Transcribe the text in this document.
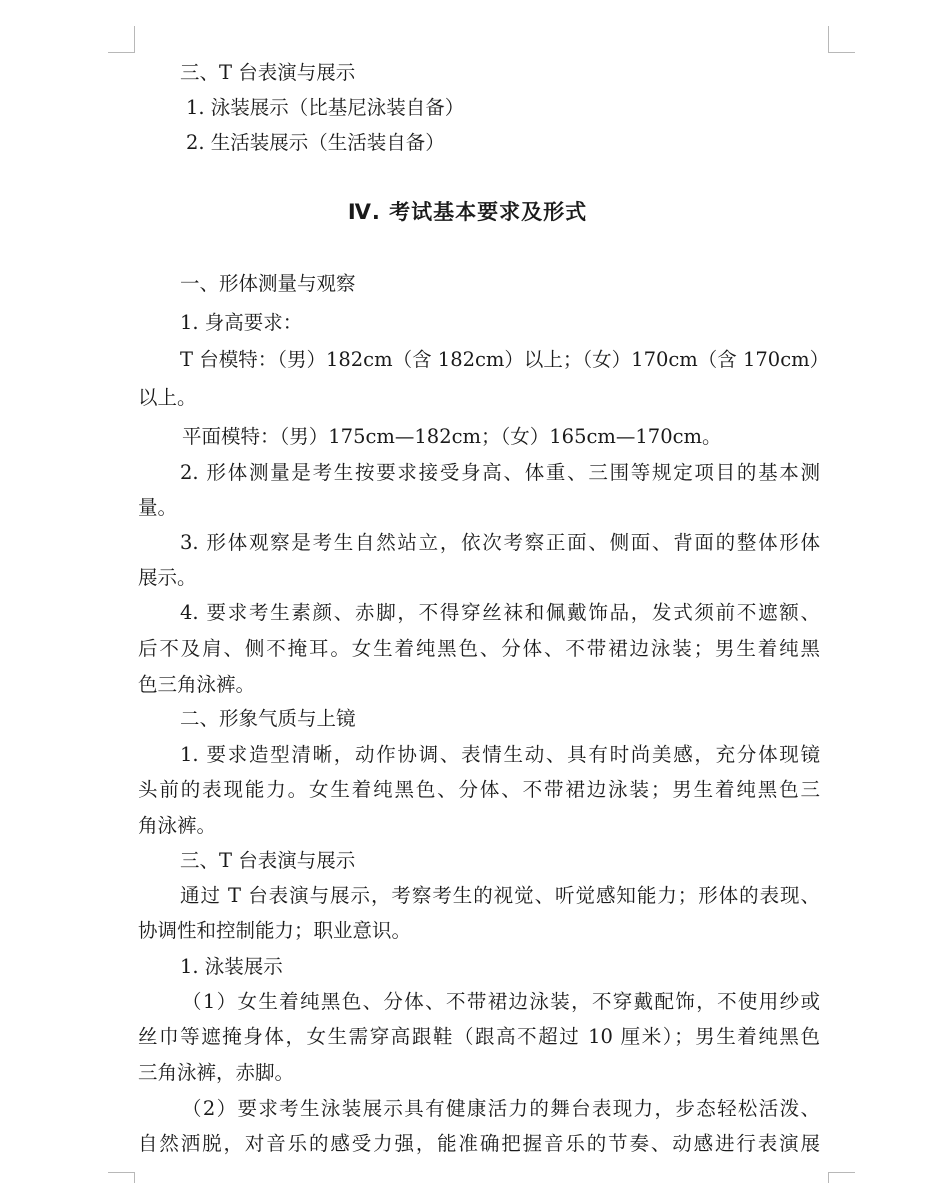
三、T 台表演与展示
1. 泳装展示（比基尼泳装自备）
2. 生活装展示（生活装自备）
Ⅳ. 考试基本要求及形式
一、形体测量与观察
1. 身高要求：
T 台模特：（男）182cm（含 182cm）以上；（女）170cm（含 170cm）
以上。
平面模特：（男）175cm—182cm；（女）165cm—170cm。
2. 形体测量是考生按要求接受身高、体重、三围等规定项目的基本测
量。
3. 形体观察是考生自然站立，依次考察正面、侧面、背面的整体形体
展示。
4. 要求考生素颜、赤脚，不得穿丝袜和佩戴饰品，发式须前不遮额、
后不及肩、侧不掩耳。女生着纯黑色、分体、不带裙边泳装；男生着纯黑
色三角泳裤。
二、形象气质与上镜
1. 要求造型清晰，动作协调、表情生动、具有时尚美感，充分体现镜
头前的表现能力。女生着纯黑色、分体、不带裙边泳装；男生着纯黑色三
角泳裤。
三、T 台表演与展示
通过 T 台表演与展示，考察考生的视觉、听觉感知能力；形体的表现、
协调性和控制能力；职业意识。
1. 泳装展示
（1）女生着纯黑色、分体、不带裙边泳装，不穿戴配饰，不使用纱或
丝巾等遮掩身体，女生需穿高跟鞋（跟高不超过 10 厘米）；男生着纯黑色
三角泳裤，赤脚。
（2）要求考生泳装展示具有健康活力的舞台表现力，步态轻松活泼、
自然洒脱，对音乐的感受力强，能准确把握音乐的节奏、动感进行表演展
